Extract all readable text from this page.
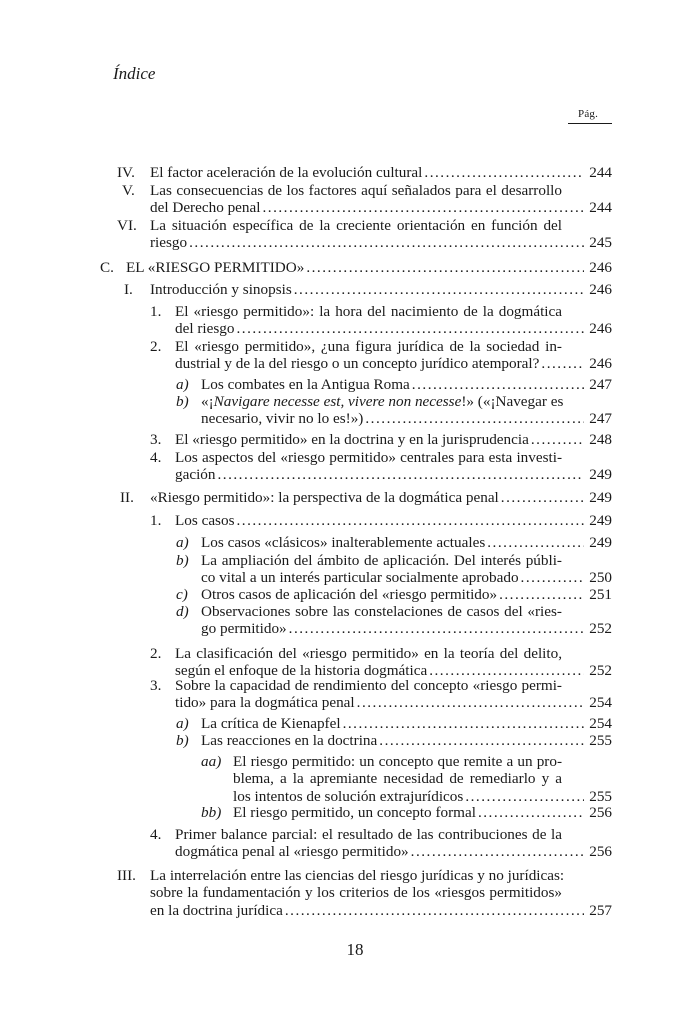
Índice
Pág.
IV. El factor aceleración de la evolución cultural .....	244
V. Las consecuencias de los factores aquí señalados para el desarrollo
del Derecho penal .....	244
VI. La situación específica de la creciente orientación en función del
riesgo .....	245
C. EL «RIESGO PERMITIDO» .....	246
I. Introducción y sinopsis .....	246
1. El «riesgo permitido»: la hora del nacimiento de la dogmática
del riesgo .....	246
2. El «riesgo permitido», ¿una figura jurídica de la sociedad in-
dustrial y de la del riesgo o un concepto jurídico atemporal? .....	246
a) Los combates en la Antigua Roma .....	247
b) «¡Navigare necesse est, vivere non necesse!» («¡Navegar es
necesario, vivir no lo es!») .....	247
3. El «riesgo permitido» en la doctrina y en la jurisprudencia .....	248
4. Los aspectos del «riesgo permitido» centrales para esta investi-
gación .....	249
II. «Riesgo permitido»: la perspectiva de la dogmática penal .....	249
1. Los casos .....	249
a) Los casos «clásicos» inalterablemente actuales .....	249
b) La ampliación del ámbito de aplicación. Del interés públi-
co vital a un interés particular socialmente aprobado .....	250
c) Otros casos de aplicación del «riesgo permitido» .....	251
d) Observaciones sobre las constelaciones de casos del «ries-
go permitido» .....	252
2. La clasificación del «riesgo permitido» en la teoría del delito,
según el enfoque de la historia dogmática .....	252
3. Sobre la capacidad de rendimiento del concepto «riesgo permi-
tido» para la dogmática penal .....	254
a) La crítica de Kienapfel .....	254
b) Las reacciones en la doctrina .....	255
aa) El riesgo permitido: un concepto que remite a un pro-
blema, a la apremiante necesidad de remediarlo y a
los intentos de solución extrajurídicos .....	255
bb) El riesgo permitido, un concepto formal .....	256
4. Primer balance parcial: el resultado de las contribuciones de la
dogmática penal al «riesgo permitido» .....	256
III. La interrelación entre las ciencias del riesgo jurídicas y no jurídicas:
sobre la fundamentación y los criterios de los «riesgos permitidos»
en la doctrina jurídica .....	257
18
